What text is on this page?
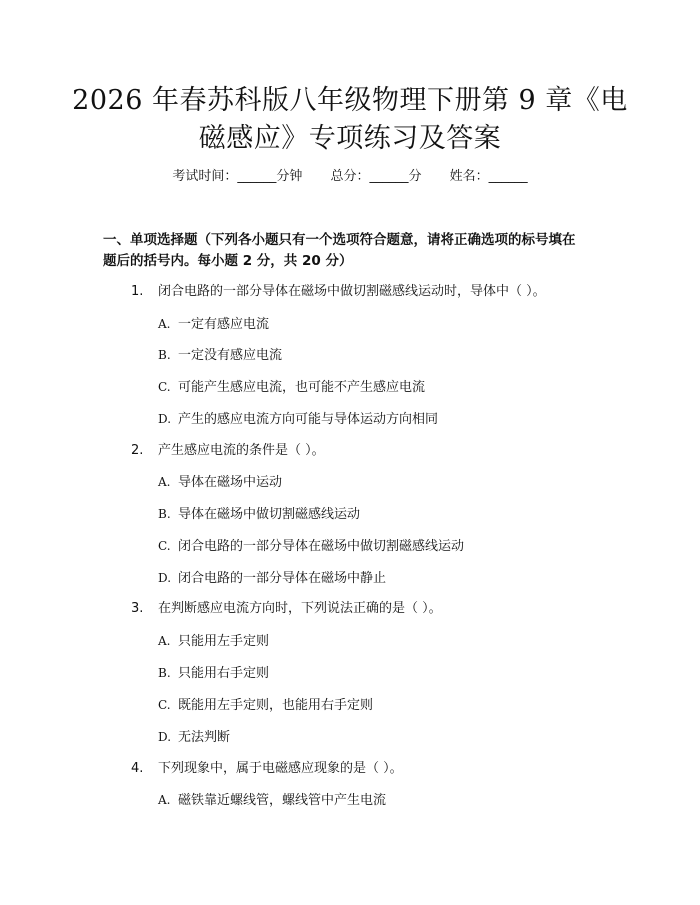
2026 年春苏科版八年级物理下册第 9 章《电
磁感应》专项练习及答案
考试时间：______分钟 总分：______分 姓名：______
一、单项选择题（下列各小题只有一个选项符合题意，请将正确选项的标号填在
题后的括号内。每小题 2 分，共 20 分）
1. 闭合电路的一部分导体在磁场中做切割磁感线运动时，导体中（ ）。
A. 一定有感应电流
B. 一定没有感应电流
C. 可能产生感应电流，也可能不产生感应电流
D. 产生的感应电流方向可能与导体运动方向相同
2. 产生感应电流的条件是（ ）。
A. 导体在磁场中运动
B. 导体在磁场中做切割磁感线运动
C. 闭合电路的一部分导体在磁场中做切割磁感线运动
D. 闭合电路的一部分导体在磁场中静止
3. 在判断感应电流方向时，下列说法正确的是（ ）。
A. 只能用左手定则
B. 只能用右手定则
C. 既能用左手定则，也能用右手定则
D. 无法判断
4. 下列现象中，属于电磁感应现象的是（ ）。
A. 磁铁靠近螺线管，螺线管中产生电流
